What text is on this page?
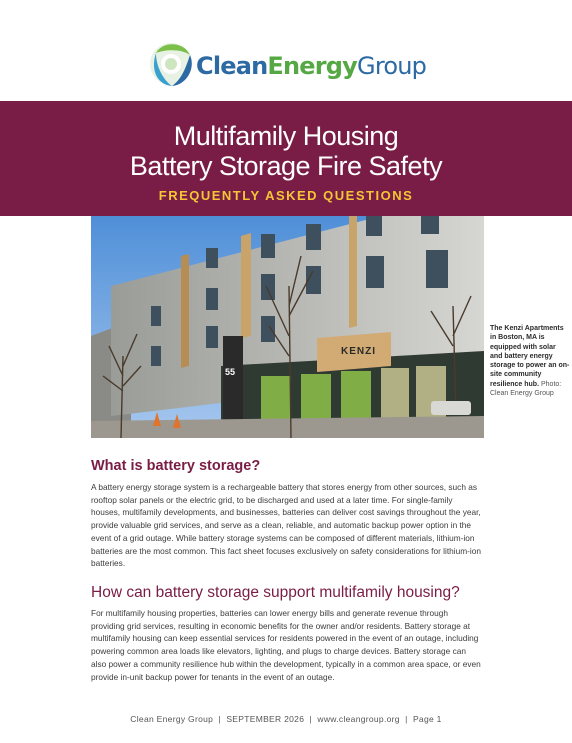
CleanEnergyGroup
Multifamily Housing
Battery Storage Fire Safety
FREQUENTLY ASKED QUESTIONS
55
KENZI
The Kenzi Apartments in Boston, MA is equipped with solar and battery energy storage to power an on-site community resilience hub. Photo: Clean Energy Group
What is battery storage?
A battery energy storage system is a rechargeable battery that stores energy from other sources, such as rooftop solar panels or the electric grid, to be discharged and used at a later time. For single-family houses, multifamily developments, and businesses, batteries can deliver cost savings throughout the year, provide valuable grid services, and serve as a clean, reliable, and automatic backup power option in the event of a grid outage. While battery storage systems can be composed of different materials, lithium-ion batteries are the most common. This fact sheet focuses exclusively on safety considerations for lithium-ion batteries.
How can battery storage support multifamily housing?
For multifamily housing properties, batteries can lower energy bills and generate revenue through providing grid services, resulting in economic benefits for the owner and/or residents. Battery storage at multifamily housing can keep essential services for residents powered in the event of an outage, including powering common area loads like elevators, lighting, and plugs to charge devices. Battery storage can also power a community resilience hub within the development, typically in a common area space, or even provide in-unit backup power for tenants in the event of an outage.
Clean Energy Group  |  SEPTEMBER 2026  |  www.cleangroup.org  |  Page 1
